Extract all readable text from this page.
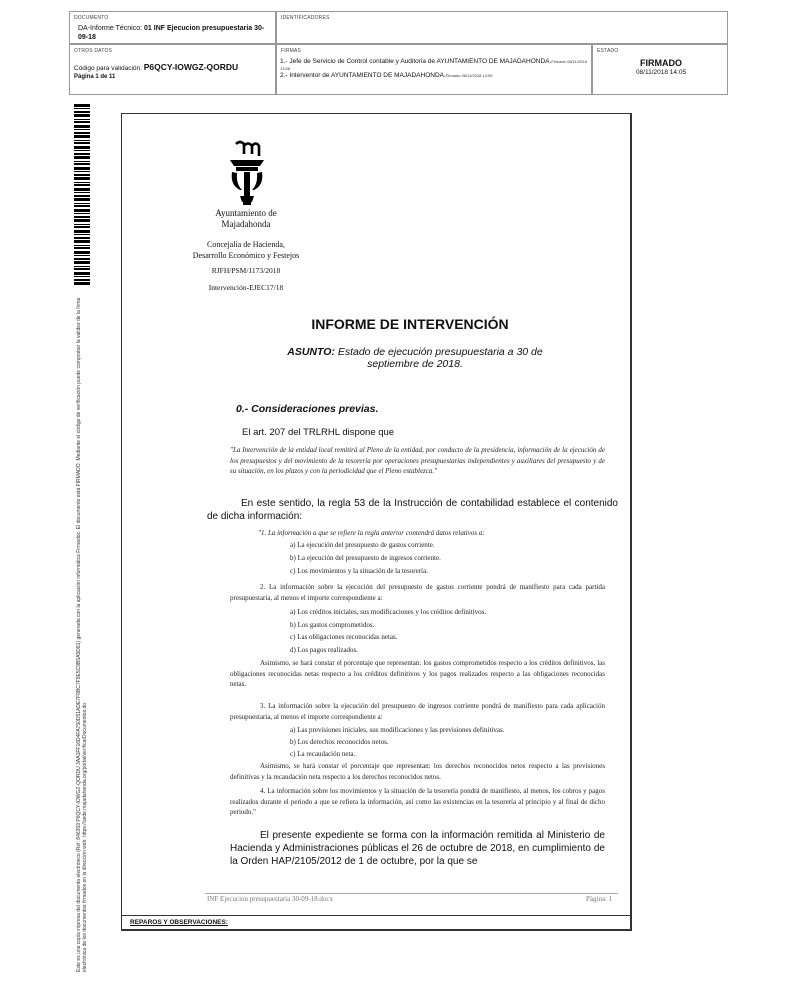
DOCUMENTO
DA-Informe Técnico: 01 INF Ejecucion presupuestaria 30-09-18
IDENTIFICADORES
OTROS DATOS
Código para validación: P6QCY-IOWGZ-QORDU
Página 1 de 11
FIRMAS
1.- Jefe de Servicio de Control contable y Auditoria de AYUNTAMIENTO DE MAJADAHONDA.Firmado 08/11/2018 13:58
2.- Interventor de AYUNTAMIENTO DE MAJADAHONDA.Firmado 08/11/2018 14:05
ESTADO
FIRMADO
08/11/2018 14:05
Este es una copia impresa del documento electrónico (Ref: 846359 P6QCY-IOWGZ-QORDU 3AA1FF16D4FA750D51ADE7F9BC7F9E5C9B5A5D81) generada con la aplicación informática Firmadoc. El documento está FIRMADO. Mediante el código de verificación puede comprobar la validez de la firma electrónica de los documentos firmados en la dirección web: https://sede.majadahonda.org/portal/verificarDocumentos.do
Ayuntamiento de
Majadahonda
Concejalía de Hacienda,
Desarrollo Económico y Festejos
RJFH/PSM/1173/2018
Intervención-EJEC17/18
INFORME DE INTERVENCIÓN
ASUNTO: Estado de ejecución presupuestaria a 30 de septiembre de 2018.
0.- Consideraciones previas.
El art. 207 del TRLRHL dispone que
"La Intervención de la entidad local remitirá al Pleno de la entidad, por conducto de la presidencia, información de la ejecución de los presupuestos y del movimiento de la tesorería por operaciones presupuestarias independientes y auxiliares del presupuesto y de su situación, en los plazos y con la periodicidad que el Pleno establezca."
En este sentido, la regla 53 de la Instrucción de contabilidad establece el contenido de dicha información:
"1. La información a que se refiere la regla anterior contendrá datos relativos a:
a) La ejecución del presupuesto de gastos corriente.
b) La ejecución del presupuesto de ingresos corriente.
c) Los movimientos y la situación de la tesorería.
2. La información sobre la ejecución del presupuesto de gastos corriente pondrá de manifiesto para cada partida presupuestaria, al menos el importe correspondiente a:
a) Los créditos iniciales, sus modificaciones y los créditos definitivos.
b) Los gastos comprometidos.
c) Las obligaciones reconocidas netas.
d) Los pagos realizados.
Asimismo, se hará constar el porcentaje que representan: los gastos comprometidos respecto a los créditos definitivos, las obligaciones reconocidas netas respecto a los créditos definitivos y los pagos realizados respecto a las obligaciones reconocidas netas.
3. La información sobre la ejecución del presupuesto de ingresos corriente pondrá de manifiesto para cada aplicación presupuestaria, al menos el importe correspondiente a:
a) Las previsiones iniciales, sus modificaciones y las previsiones definitivas.
b) Los derechos reconocidos netos.
c) La recaudación neta.
Asimismo, se hará constar el porcentaje que representan: los derechos reconocidos netos respecto a las previsiones definitivas y la recaudación neta respecto a los derechos reconocidos netos.
4. La información sobre los movimientos y la situación de la tesorería pondrá de manifiesto, al menos, los cobros y pagos realizados durante el periodo a que se refiera la información, así como las existencias en la tesorería al principio y al final de dicho periodo."
El presente expediente se forma con la información remitida al Ministerio de Hacienda y Administraciones públicas el 26 de octubre de 2018, en cumplimiento de la Orden HAP/2105/2012 de 1 de octubre, por la que se
INF Ejecucion presupuestaria 30-09-18.docx	Página: 1
REPAROS Y OBSERVACIONES:
